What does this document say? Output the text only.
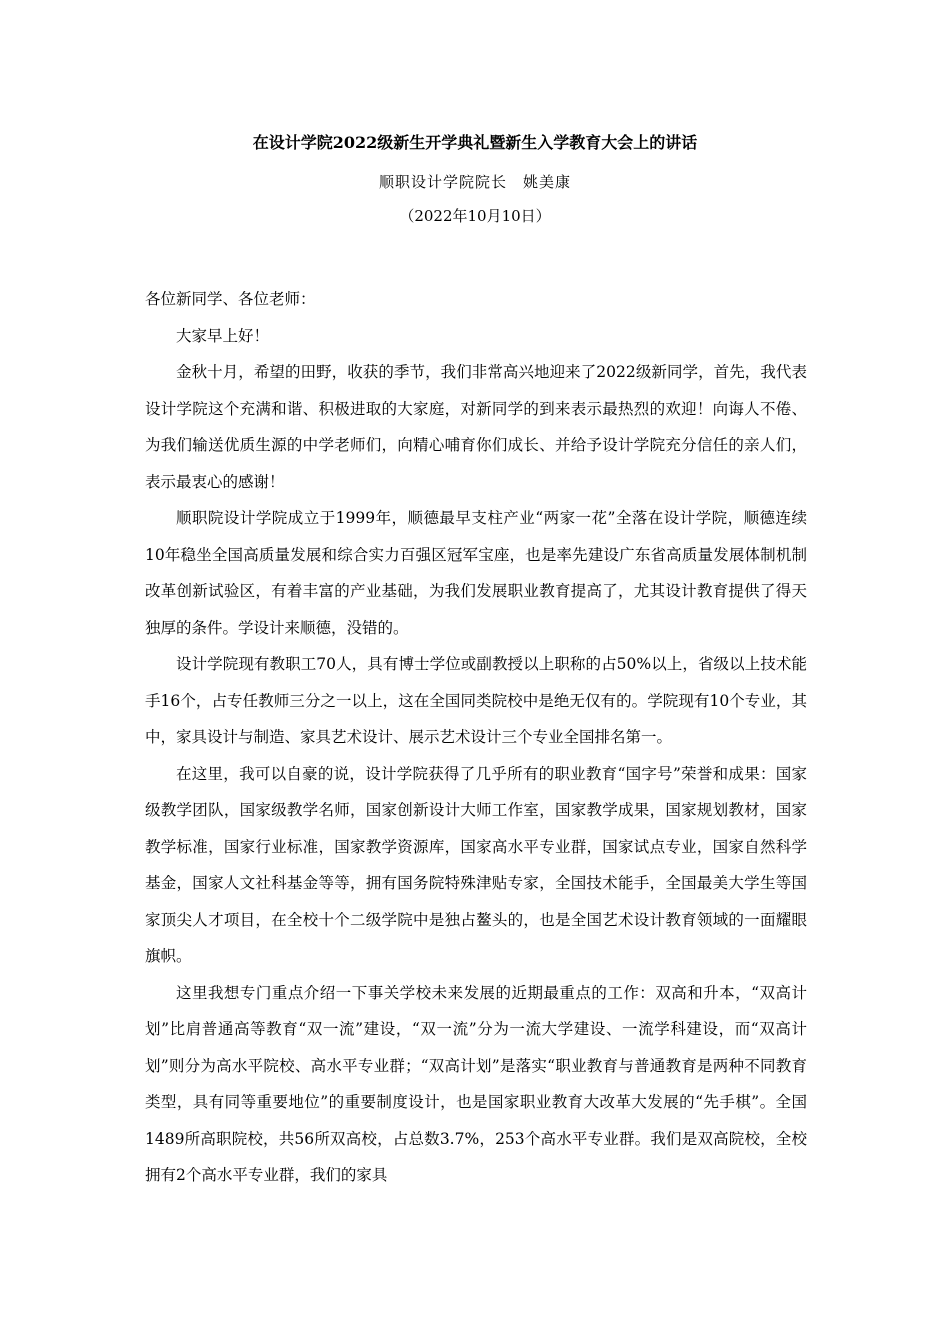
在设计学院2022级新生开学典礼暨新生入学教育大会上的讲话
顺职设计学院院长　姚美康
（2022年10月10日）

各位新同学、各位老师：

大家早上好！

金秋十月，希望的田野，收获的季节，我们非常高兴地迎来了2022级新同学，首先，我代表设计学院这个充满和谐、积极进取的大家庭，对新同学的到来表示最热烈的欢迎！向诲人不倦、为我们输送优质生源的中学老师们，向精心哺育你们成长、并给予设计学院充分信任的亲人们，表示最衷心的感谢！

顺职院设计学院成立于1999年，顺德最早支柱产业“两家一花”全落在设计学院，顺德连续10年稳坐全国高质量发展和综合实力百强区冠军宝座，也是率先建设广东省高质量发展体制机制改革创新试验区，有着丰富的产业基础，为我们发展职业教育提高了，尤其设计教育提供了得天独厚的条件。学设计来顺德，没错的。

设计学院现有教职工70人，具有博士学位或副教授以上职称的占50%以上，省级以上技术能手16个，占专任教师三分之一以上，这在全国同类院校中是绝无仅有的。学院现有10个专业，其中，家具设计与制造、家具艺术设计、展示艺术设计三个专业全国排名第一。

在这里，我可以自豪的说，设计学院获得了几乎所有的职业教育“国字号”荣誉和成果：国家级教学团队，国家级教学名师，国家创新设计大师工作室，国家教学成果，国家规划教材，国家教学标准，国家行业标准，国家教学资源库，国家高水平专业群，国家试点专业，国家自然科学基金，国家人文社科基金等等，拥有国务院特殊津贴专家，全国技术能手，全国最美大学生等国家顶尖人才项目，在全校十个二级学院中是独占鳌头的，也是全国艺术设计教育领域的一面耀眼旗帜。

这里我想专门重点介绍一下事关学校未来发展的近期最重点的工作：双高和升本，“双高计划”比肩普通高等教育“双一流”建设，“双一流”分为一流大学建设、一流学科建设，而“双高计划”则分为高水平院校、高水平专业群；“双高计划”是落实“职业教育与普通教育是两种不同教育类型，具有同等重要地位”的重要制度设计，也是国家职业教育大改革大发展的“先手棋”。全国1489所高职院校，共56所双高校，占总数3.7%，253个高水平专业群。我们是双高院校，全校拥有2个高水平专业群，我们的家具
